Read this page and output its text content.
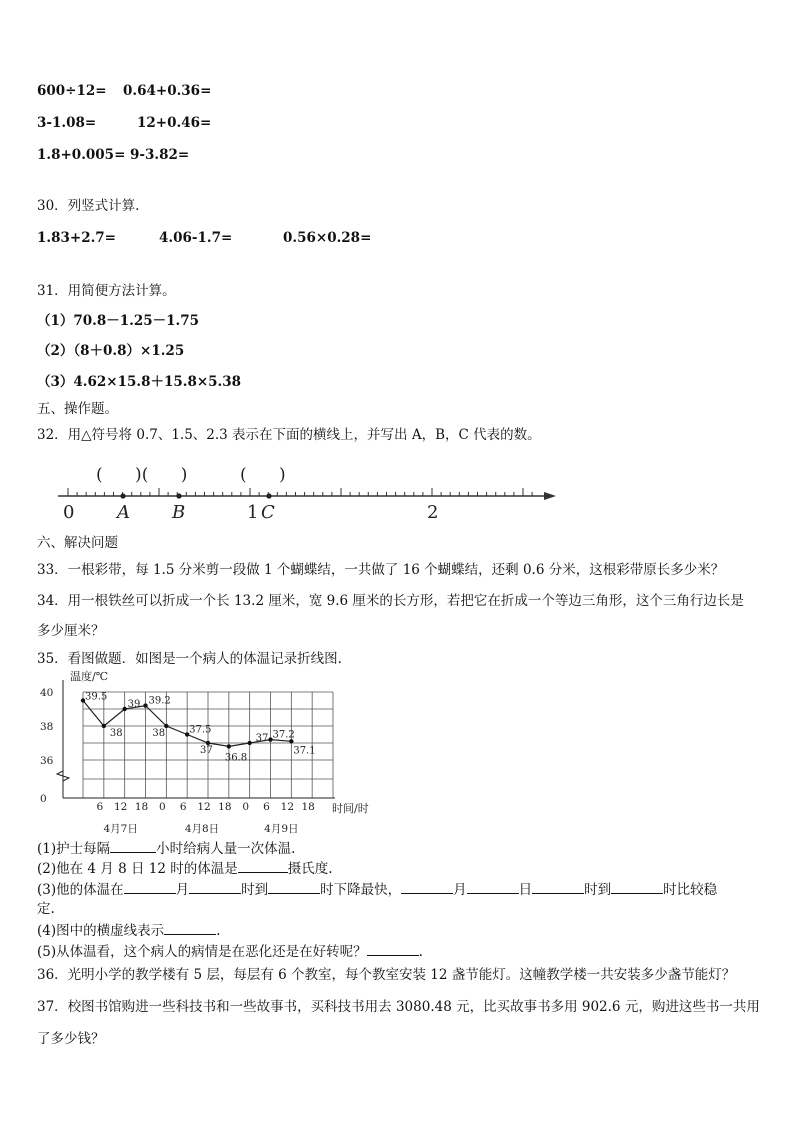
600÷12= 0.64+0.36=
3-1.08=	12+0.46=
1.8+0.005= 9-3.82=
30．列竖式计算.
1.83+2.7=	4.06-1.7=	0.56×0.28=
31．用简便方法计算。
（1）70.8－1.25－1.75
（2）（8＋0.8）×1.25
（3）4.62×15.8＋15.8×5.38
五、操作题。
32．用△符号将 0.7、1.5、2.3 表示在下面的横线上，并写出 A，B，C 代表的数。
(      )(      )	(      )
0 A B	1 C	2
六、解决问题
33．一根彩带，每 1.5 分米剪一段做 1 个蝴蝶结，一共做了 16 个蝴蝶结，还剩 0.6 分米，这根彩带原长多少米？
34．用一根铁丝可以折成一个长 13.2 厘米，宽 9.6 厘米的长方形，若把它在折成一个等边三角形，这个三角行边长是
多少厘米？
35．看图做题．如图是一个病人的体温记录折线图.
温度/℃
时间/时
40
38
36
0
6 12 18 0 6 12 18 0 6 12 18
4月7日	4月8日	4月9日
39.5
38
39 39.2
38 37.5
37
36.8
37 37.2
37.1
(1)护士每隔	小时给病人量一次体温.
(2)他在 4 月 8 日 12 时的体温是	摄氏度.
(3)他的体温在	月	时到	时下降最快，	月	日	时到	时比较稳
定.
(4)图中的横虚线表示	.
(5)从体温看，这个病人的病情是在恶化还是在好转呢？	.
36．光明小学的教学楼有 5 层，每层有 6 个教室，每个教室安装 12 盏节能灯。这幢教学楼一共安装多少盏节能灯？
37．校图书馆购进一些科技书和一些故事书，买科技书用去 3080.48 元，比买故事书多用 902.6 元，购进这些书一共用
了多少钱？
